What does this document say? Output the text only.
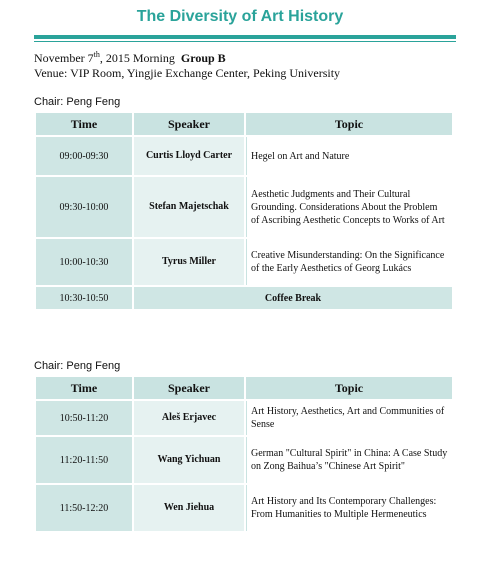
The Diversity of Art History
November 7th, 2015 Morning Group B
Venue: VIP Room, Yingjie Exchange Center, Peking University
Chair: Peng Feng
Time	Speaker	Topic
09:00-09:30	Curtis Lloyd Carter	Hegel on Art and Nature
09:30-10:00	Stefan Majetschak	Aesthetic Judgments and Their Cultural Grounding. Considerations About the Problem of Ascribing Aesthetic Concepts to Works of Art
10:00-10:30	Tyrus Miller	Creative Misunderstanding: On the Significance of the Early Aesthetics of Georg Lukács
10:30-10:50	Coffee Break	
Chair: Peng Feng
Time	Speaker	Topic
10:50-11:20	Aleš Erjavec	Art History, Aesthetics, Art and Communities of Sense
11:20-11:50	Wang Yichuan	German "Cultural Spirit" in China: A Case Study on Zong Baihua’s "Chinese Art Spirit"
11:50-12:20	Wen Jiehua	Art History and Its Contemporary Challenges: From Humanities to Multiple Hermeneutics
